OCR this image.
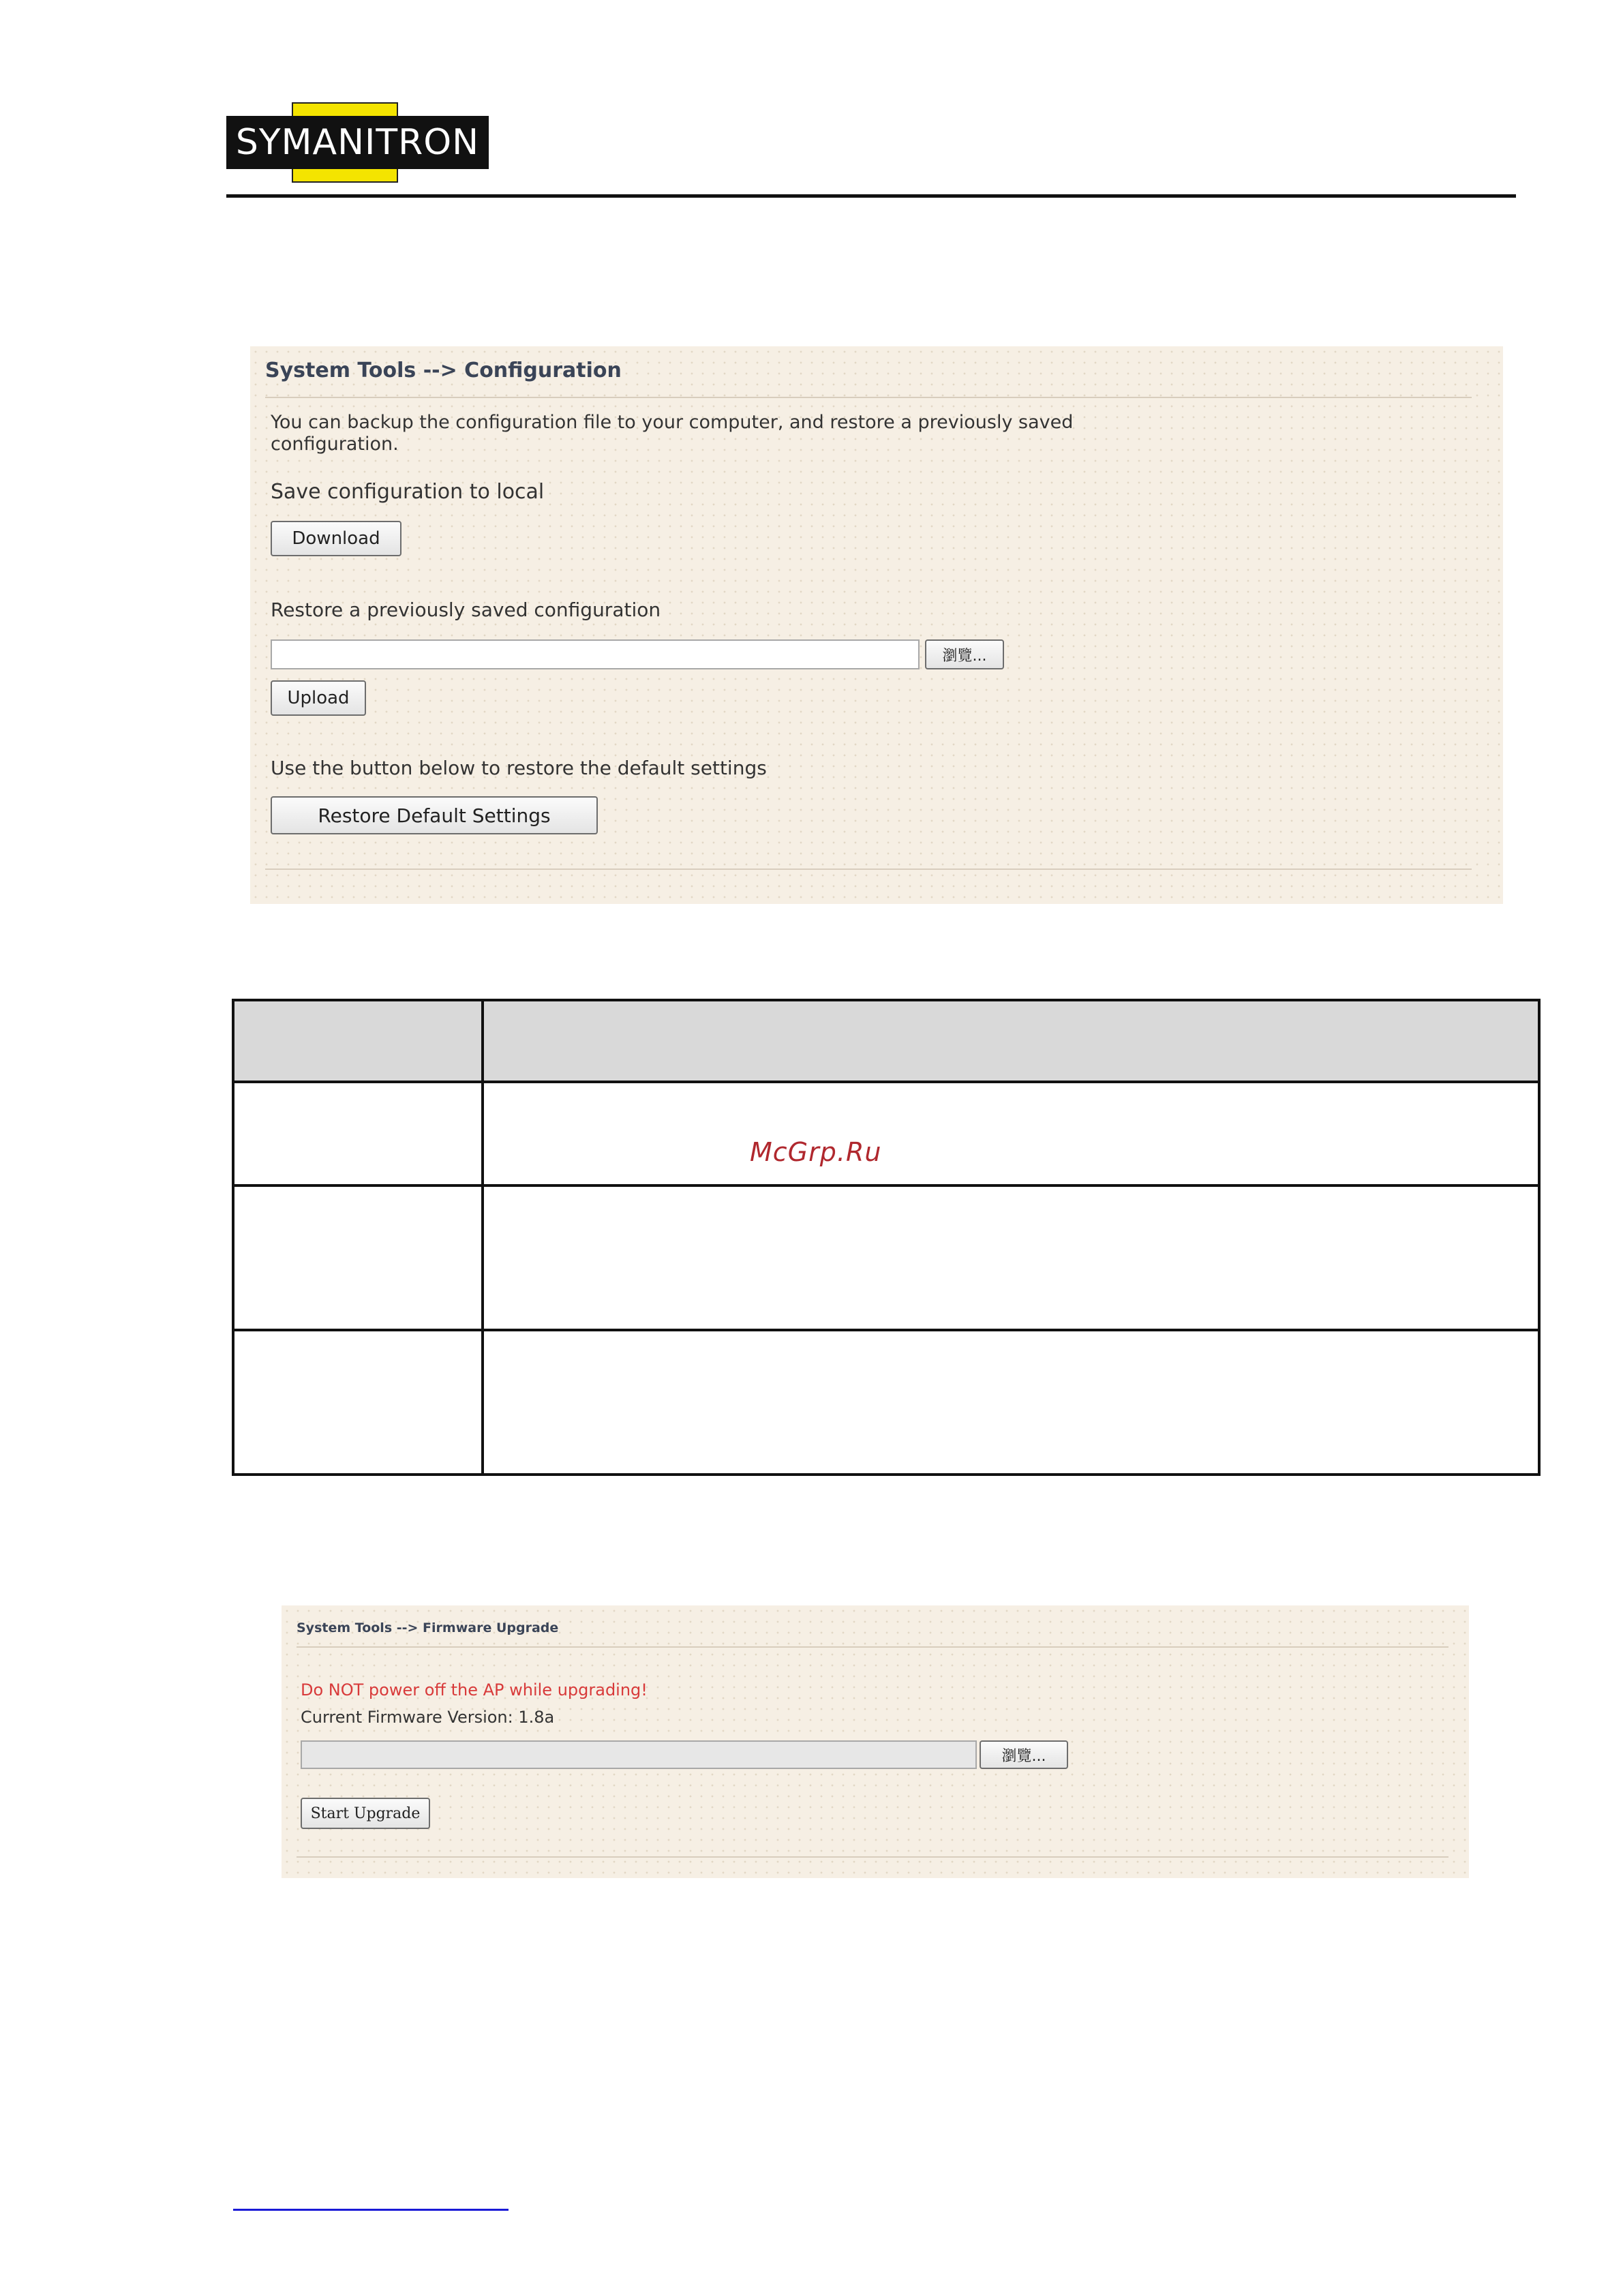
SYMANITRON
System Tools --> Configuration
You can backup the configuration file to your computer, and restore a previously saved
configuration.
Save configuration to local
Download
Restore a previously saved configuration
瀏覽...
Upload
Use the button below to restore the default settings
Restore Default Settings
McGrp.Ru
System Tools --> Firmware Upgrade
Do NOT power off the AP while upgrading!
Current Firmware Version: 1.8a
瀏覽...
Start Upgrade
